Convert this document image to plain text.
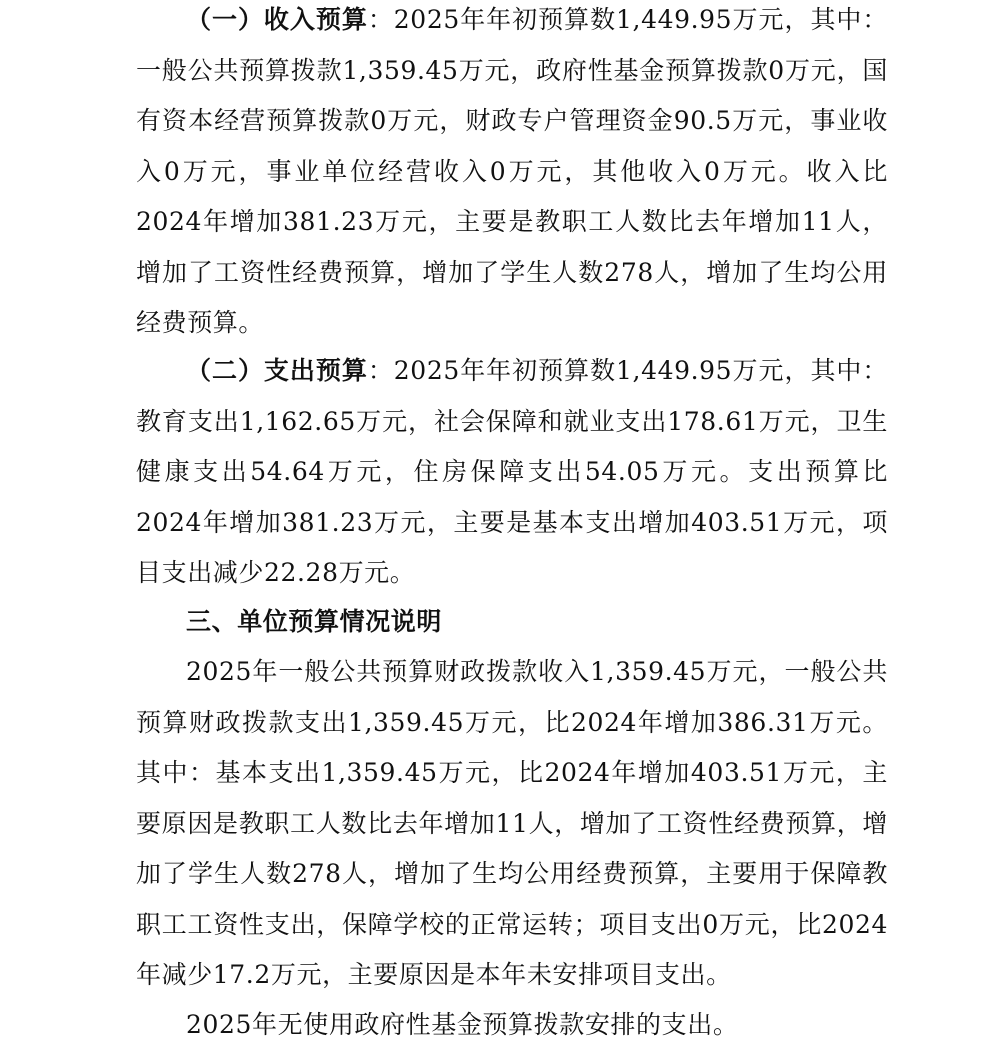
（一）收入预算：2025年年初预算数1,449.95万元，其中：一般公共预算拨款1,359.45万元，政府性基金预算拨款0万元，国有资本经营预算拨款0万元，财政专户管理资金90.5万元，事业收入0万元，事业单位经营收入0万元，其他收入0万元。收入比2024年增加381.23万元，主要是教职工人数比去年增加11人，增加了工资性经费预算，增加了学生人数278人，增加了生均公用经费预算。

（二）支出预算：2025年年初预算数1,449.95万元，其中：教育支出1,162.65万元，社会保障和就业支出178.61万元，卫生健康支出54.64万元，住房保障支出54.05万元。支出预算比2024年增加381.23万元，主要是基本支出增加403.51万元，项目支出减少22.28万元。

三、单位预算情况说明

2025年一般公共预算财政拨款收入1,359.45万元，一般公共预算财政拨款支出1,359.45万元，比2024年增加386.31万元。其中：基本支出1,359.45万元，比2024年增加403.51万元，主要原因是教职工人数比去年增加11人，增加了工资性经费预算，增加了学生人数278人，增加了生均公用经费预算，主要用于保障教职工工资性支出，保障学校的正常运转；项目支出0万元，比2024年减少17.2万元，主要原因是本年未安排项目支出。

2025年无使用政府性基金预算拨款安排的支出。
